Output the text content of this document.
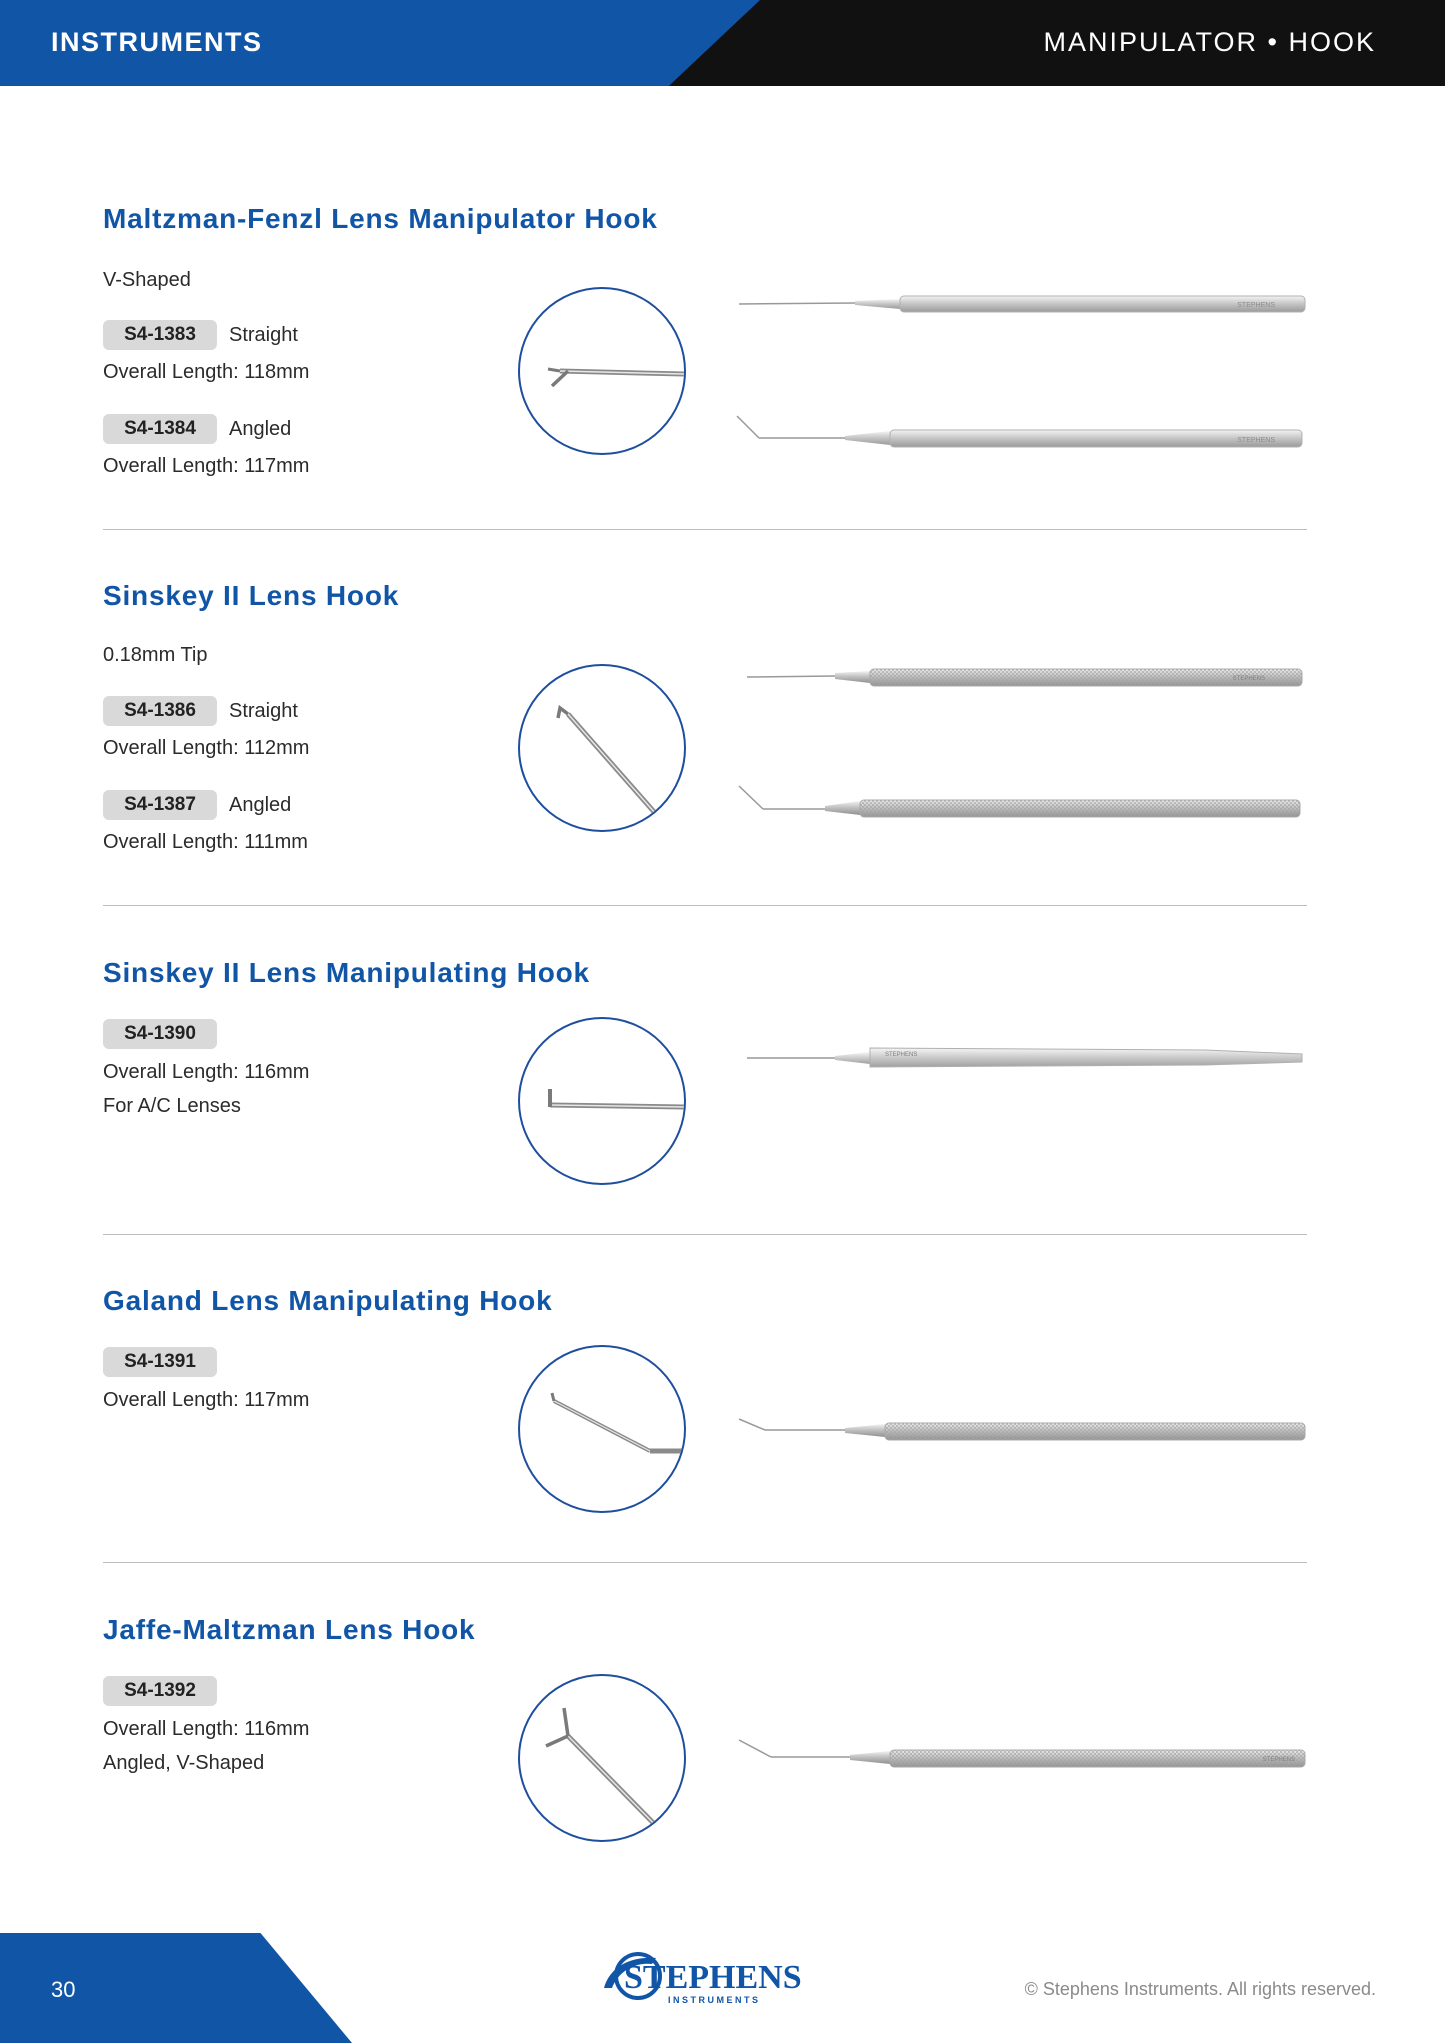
INSTRUMENTS	MANIPULATOR • HOOK
Maltzman-Fenzl Lens Manipulator Hook
V-Shaped
S4-1383	Straight
Overall Length: 118mm
S4-1384	Angled
Overall Length: 117mm
STEPHENS
STEPHENS
Sinskey II Lens Hook
0.18mm Tip
S4-1386	Straight
Overall Length: 112mm
S4-1387	Angled
Overall Length: 111mm
STEPHENS
Sinskey II Lens Manipulating Hook
S4-1390
Overall Length: 116mm
For A/C Lenses
STEPHENS
Galand Lens Manipulating Hook
S4-1391
Overall Length: 117mm
Jaffe-Maltzman Lens Hook
S4-1392
Overall Length: 116mm
Angled, V-Shaped	STEPHENS
30	STEPHENS
INSTRUMENTS
© Stephens Instruments. All rights reserved.
